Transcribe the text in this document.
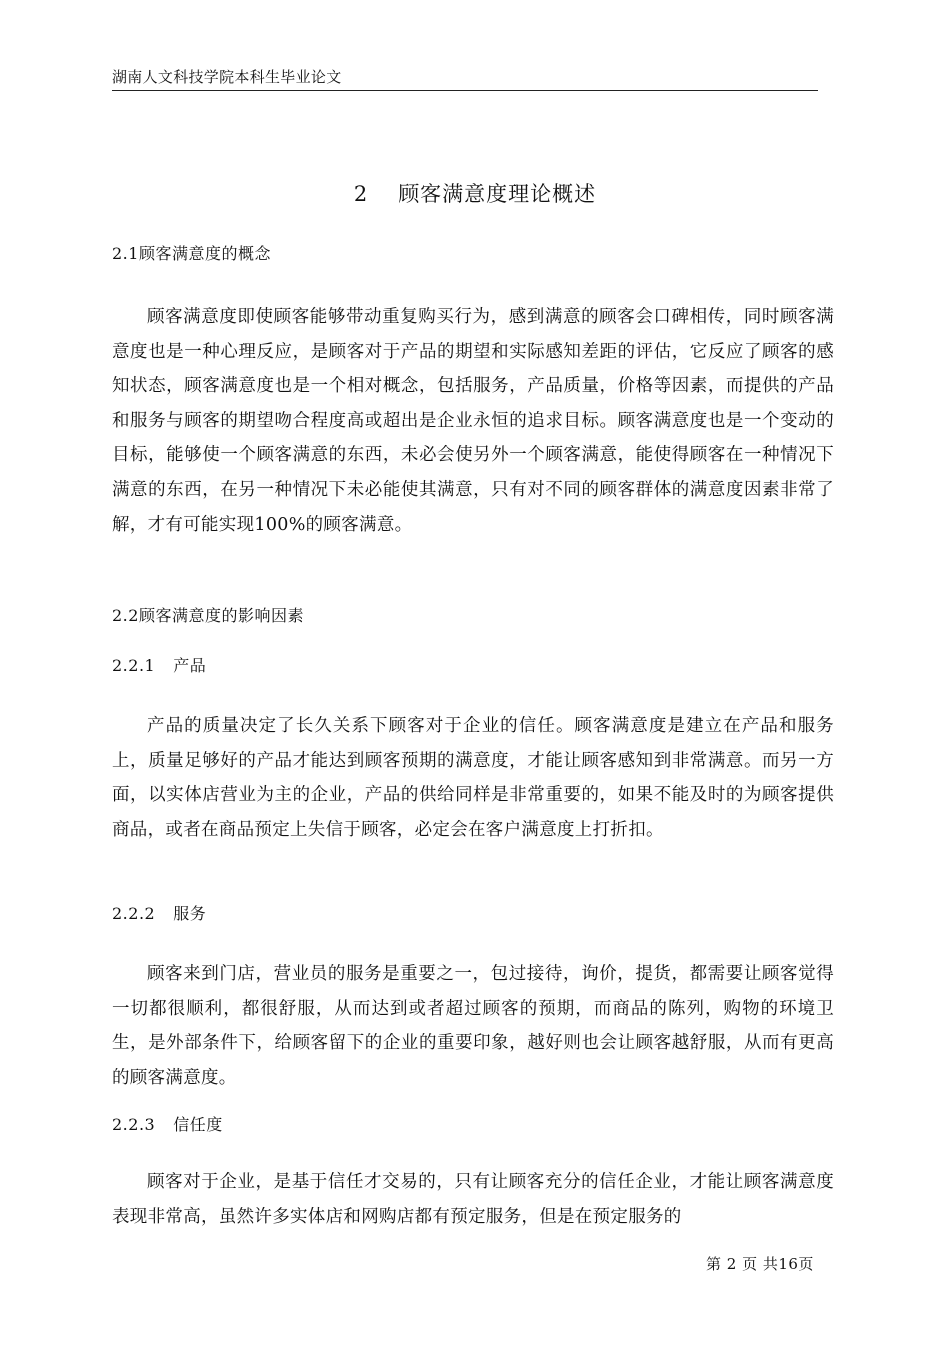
湖南人文科技学院本科生毕业论文
2 顾客满意度理论概述
2.1顾客满意度的概念

顾客满意度即使顾客能够带动重复购买行为，感到满意的顾客会口碑相传，同时顾客满意度也是一种心理反应，是顾客对于产品的期望和实际感知差距的评估，它反应了顾客的感知状态，顾客满意度也是一个相对概念，包括服务，产品质量，价格等因素，而提供的产品和服务与顾客的期望吻合程度高或超出是企业永恒的追求目标。顾客满意度也是一个变动的目标，能够使一个顾客满意的东西，未必会使另外一个顾客满意，能使得顾客在一种情况下满意的东西，在另一种情况下未必能使其满意，只有对不同的顾客群体的满意度因素非常了解，才有可能实现100%的顾客满意。

2.2顾客满意度的影响因素
2.2.1 产品

产品的质量决定了长久关系下顾客对于企业的信任。顾客满意度是建立在产品和服务上，质量足够好的产品才能达到顾客预期的满意度，才能让顾客感知到非常满意。而另一方面，以实体店营业为主的企业，产品的供给同样是非常重要的，如果不能及时的为顾客提供商品，或者在商品预定上失信于顾客，必定会在客户满意度上打折扣。

2.2.2 服务

顾客来到门店，营业员的服务是重要之一，包过接待，询价，提货，都需要让顾客觉得一切都很顺利，都很舒服，从而达到或者超过顾客的预期，而商品的陈列，购物的环境卫生，是外部条件下，给顾客留下的企业的重要印象，越好则也会让顾客越舒服，从而有更高的顾客满意度。

2.2.3 信任度

顾客对于企业，是基于信任才交易的，只有让顾客充分的信任企业，才能让顾客满意度表现非常高，虽然许多实体店和网购店都有预定服务，但是在预定服务的

第 2 页 共16页
